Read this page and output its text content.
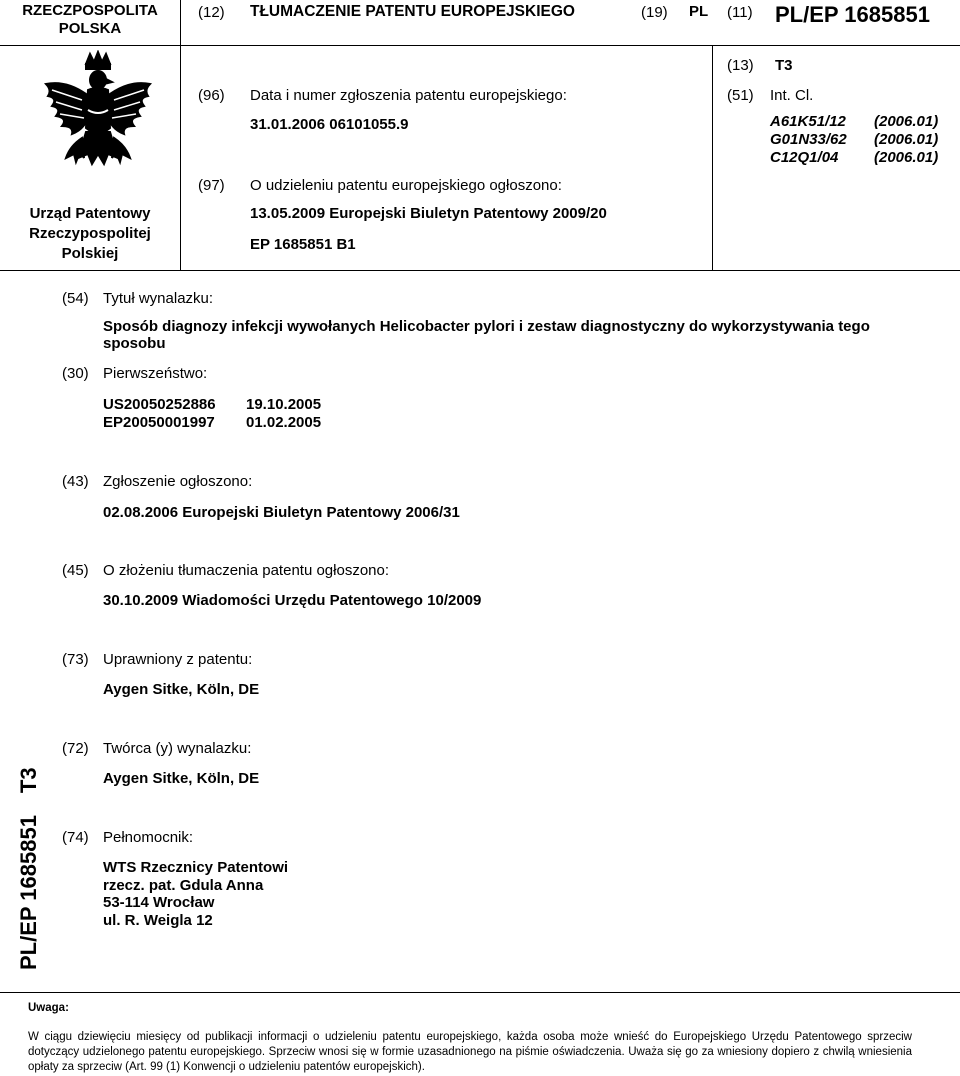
RZECZPOSPOLITA POLSKA
(12) TŁUMACZENIE PATENTU EUROPEJSKIEGO	(19) PL (11) PL/EP 1685851
Urząd Patentowy
Rzeczypospolitej
Polskiej
(13) T3
(96) Data i numer zgłoszenia patentu europejskiego:
31.01.2006 06101055.9
(51) Int. Cl.
A61K51/12 (2006.01)
G01N33/62 (2006.01)
C12Q1/04 (2006.01)
(97) O udzieleniu patentu europejskiego ogłoszono:
13.05.2009 Europejski Biuletyn Patentowy 2009/20
EP 1685851 B1
(54) Tytuł wynalazku:
Sposób diagnozy infekcji wywołanych Helicobacter pylori i zestaw diagnostyczny do wykorzystywania tego
sposobu
(30) Pierwszeństwo:
US20050252886 19.10.2005
EP20050001997 01.02.2005
(43) Zgłoszenie ogłoszono:
02.08.2006 Europejski Biuletyn Patentowy 2006/31
(45) O złożeniu tłumaczenia patentu ogłoszono:
30.10.2009 Wiadomości Urzędu Patentowego 10/2009
(73) Uprawniony z patentu:
Aygen Sitke, Köln, DE
PL/EP 1685851T3
(72) Twórca (y) wynalazku:
Aygen Sitke, Köln, DE
(74) Pełnomocnik:
WTS Rzecznicy Patentowi
rzecz. pat. Gdula Anna
53-114 Wrocław
ul. R. Weigla 12
Uwaga:
W ciągu dziewięciu miesięcy od publikacji informacji o udzieleniu patentu europejskiego, każda osoba może wnieść do Europejskiego Urzędu Patentowego sprzeciw dotyczący udzielonego patentu europejskiego. Sprzeciw wnosi się w formie uzasadnionego na piśmie oświadczenia. Uważa się go za wniesiony dopiero z chwilą wniesienia opłaty za sprzeciw (Art. 99 (1) Konwencji o udzieleniu patentów europejskich).
